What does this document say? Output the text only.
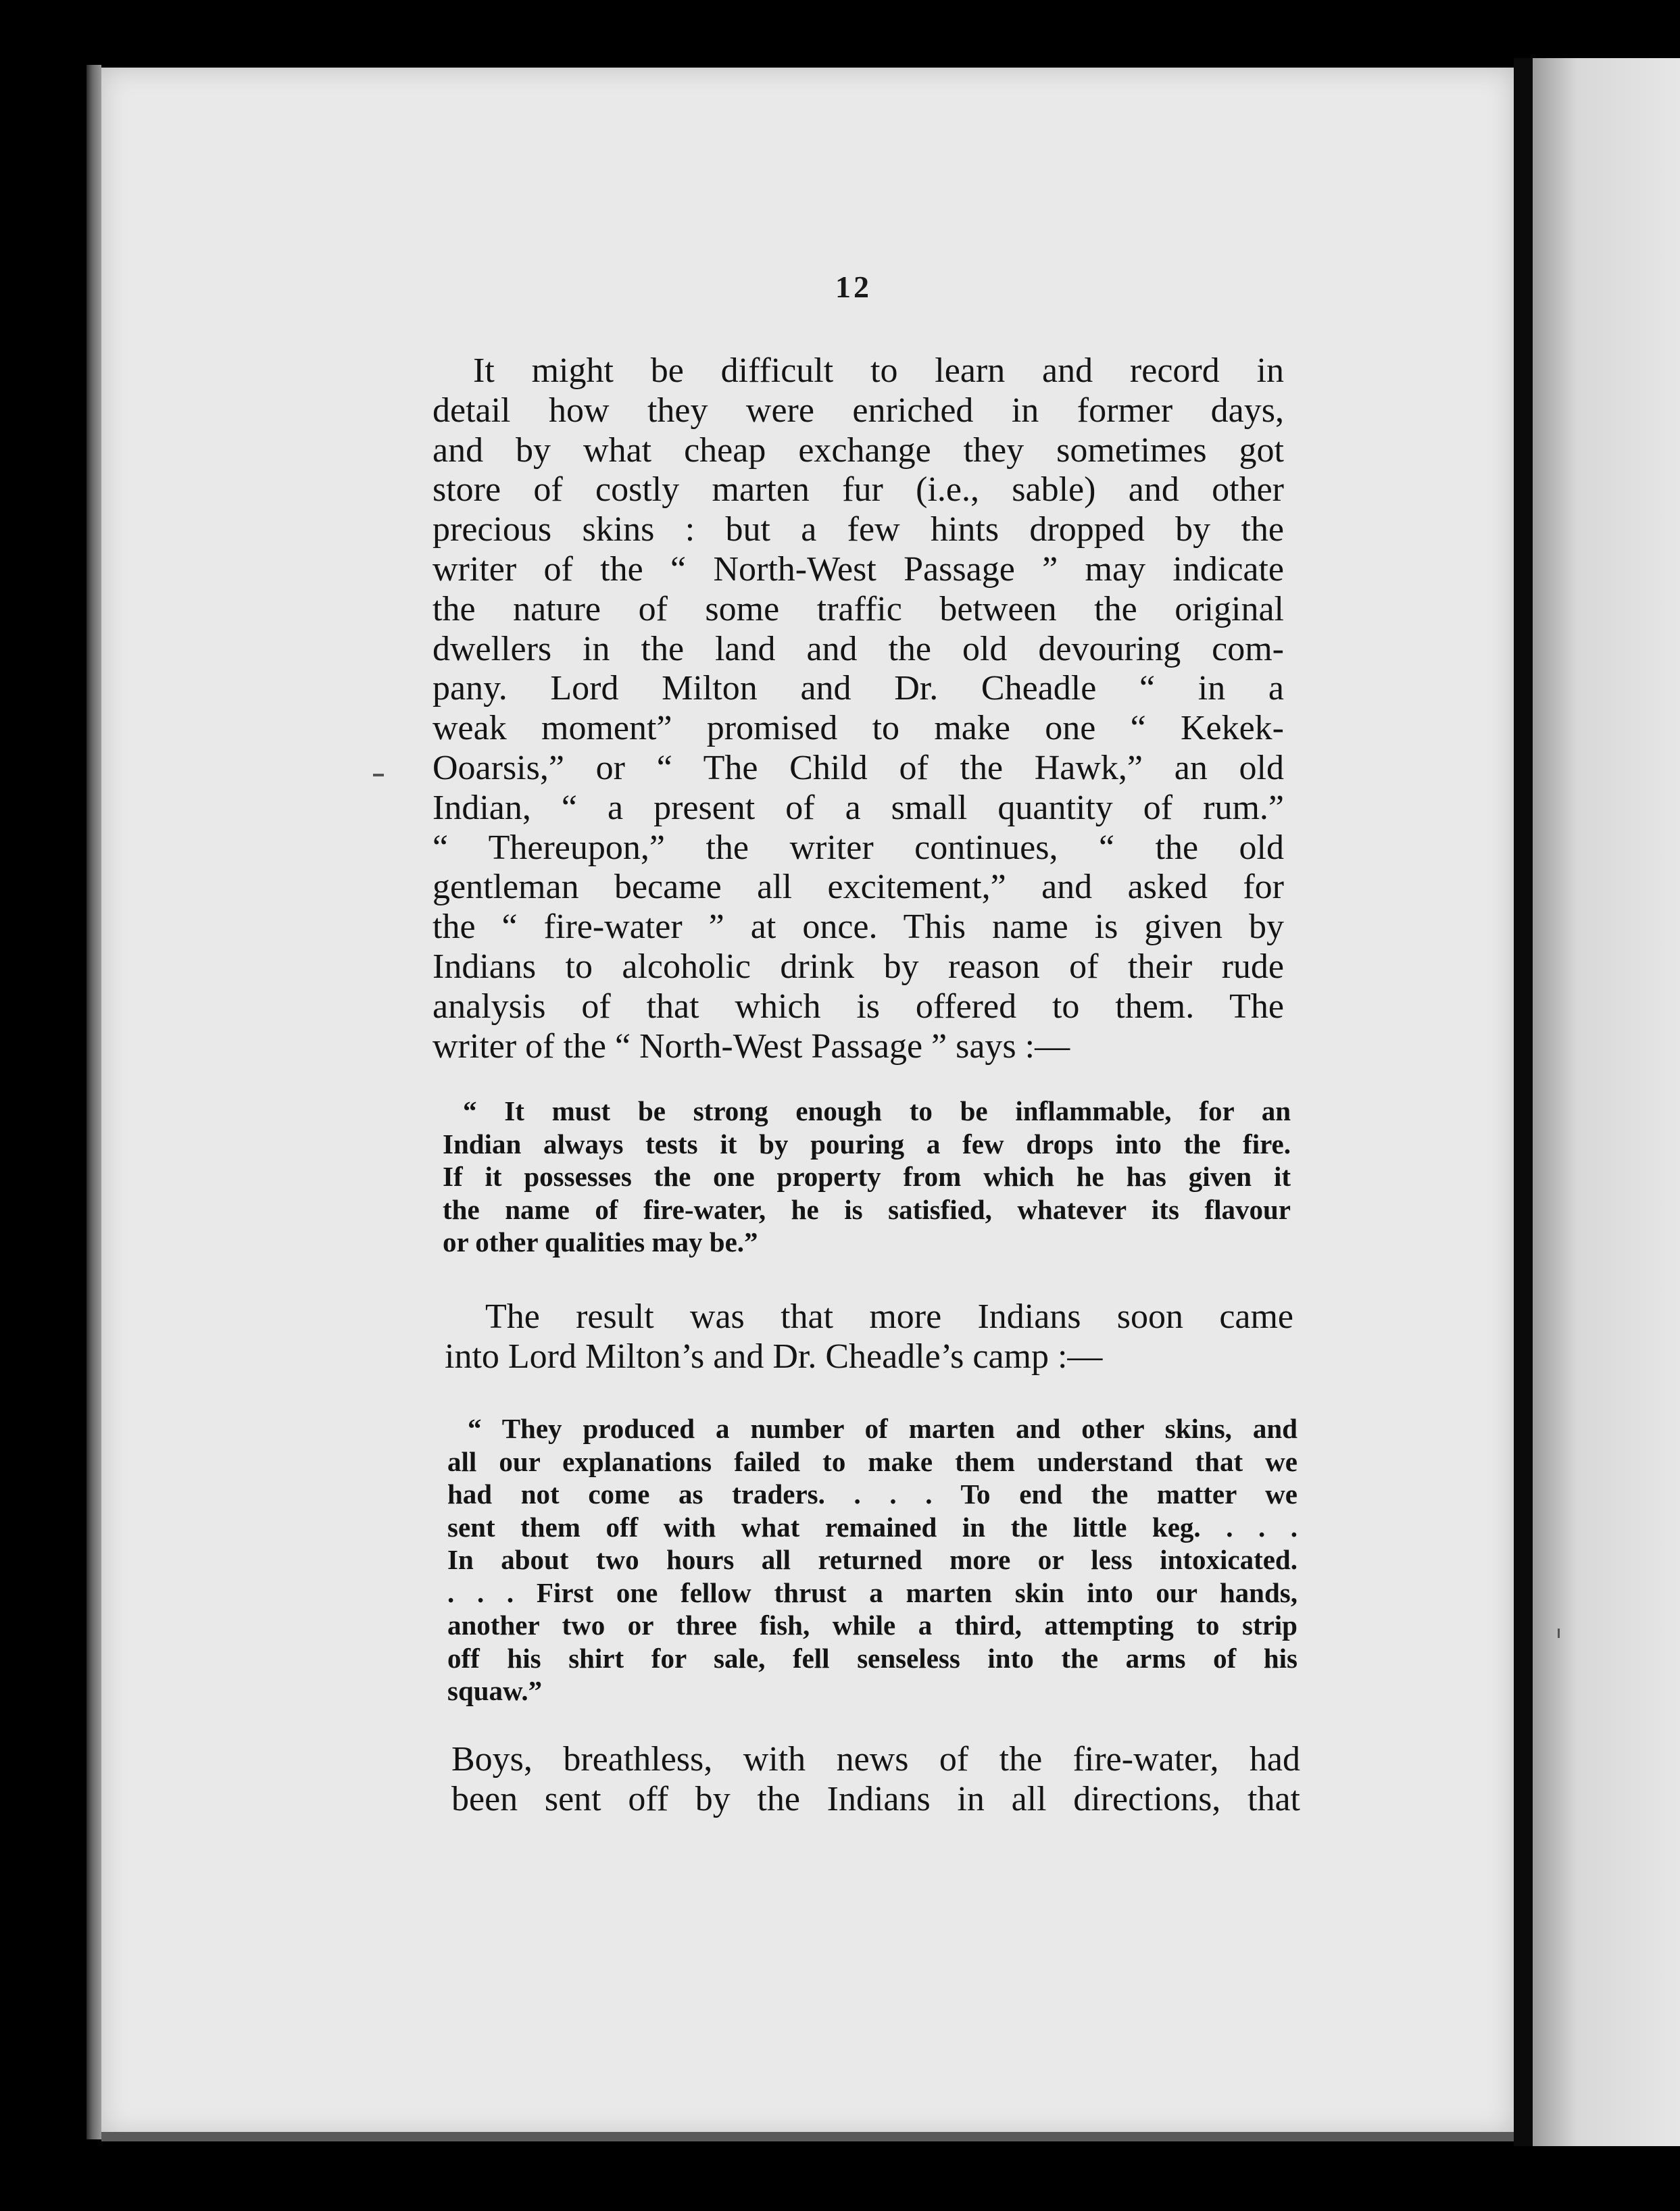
12

It might be difficult to learn and record in
detail how they were enriched in former days,
and by what cheap exchange they sometimes got
store of costly marten fur (i.e., sable) and other
precious skins : but a few hints dropped by the
writer of the “ North-West Passage ” may indicate
the nature of some traffic between the original
dwellers in the land and the old devouring com-
pany. Lord Milton and Dr. Cheadle “ in a
weak moment” promised to make one “ Kekek-
Ooarsis,” or “ The Child of the Hawk,” an old
Indian, “ a present of a small quantity of rum.”
“ Thereupon,” the writer continues, “ the old
gentleman became all excitement,” and asked for
the “ fire-water ” at once. This name is given by
Indians to alcoholic drink by reason of their rude
analysis of that which is offered to them. The
writer of the “ North-West Passage ” says :—

“ It must be strong enough to be inflammable, for an
Indian always tests it by pouring a few drops into the fire.
If it possesses the one property from which he has given it
the name of fire-water, he is satisfied, whatever its flavour
or other qualities may be.”

The result was that more Indians soon came
into Lord Milton’s and Dr. Cheadle’s camp :—

“ They produced a number of marten and other skins, and
all our explanations failed to make them understand that we
had not come as traders. . . . To end the matter we
sent them off with what remained in the little keg. . . .
In about two hours all returned more or less intoxicated.
. . . First one fellow thrust a marten skin into our hands,
another two or three fish, while a third, attempting to strip
off his shirt for sale, fell senseless into the arms of his
squaw.”

Boys, breathless, with news of the fire-water, had
been sent off by the Indians in all directions, that
